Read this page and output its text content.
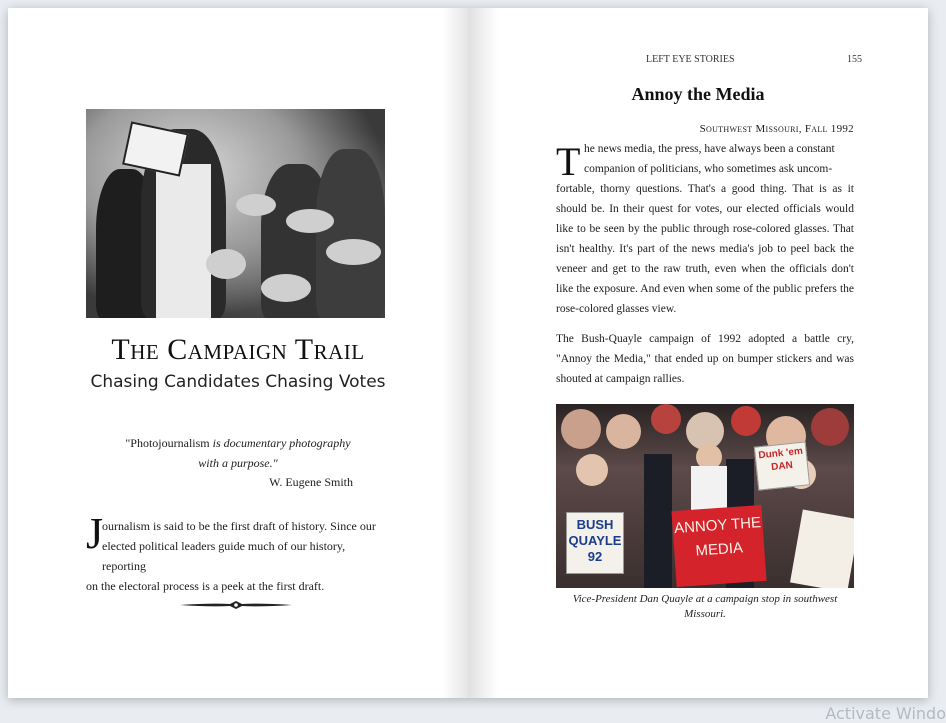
The Campaign Trail
Chasing Candidates Chasing Votes
"Photojournalism is documentary photography
with a purpose."
W. Eugene Smith
J
ournalism is said to be the first draft of history. Since our
elected political leaders guide much of our history, reporting
on the electoral process is a peek at the first draft.
LEFT EYE STORIES	155
Annoy the Media
Southwest Missouri, Fall 1992
T he news media, the press, have always been a constant
companion of politicians, who sometimes ask uncom-
fortable, thorny questions. That's a good thing. That is as it should be. In their quest for votes, our elected officials would like to be seen by the public through rose-colored glasses. That isn't healthy. It's part of the news media's job to peel back the veneer and get to the raw truth, even when the officials don't like the exposure. And even when some of the public prefers the rose-colored glasses view.

The Bush-Quayle campaign of 1992 adopted a battle cry, "Annoy the Media," that ended up on bumper stickers and was shouted at campaign rallies.

BUSH QUAYLE 92
ANNOY THE MEDIA
Dunk 'em DAN
Vice-President Dan Quayle at a campaign stop in southwest Missouri.
Activate Windo
